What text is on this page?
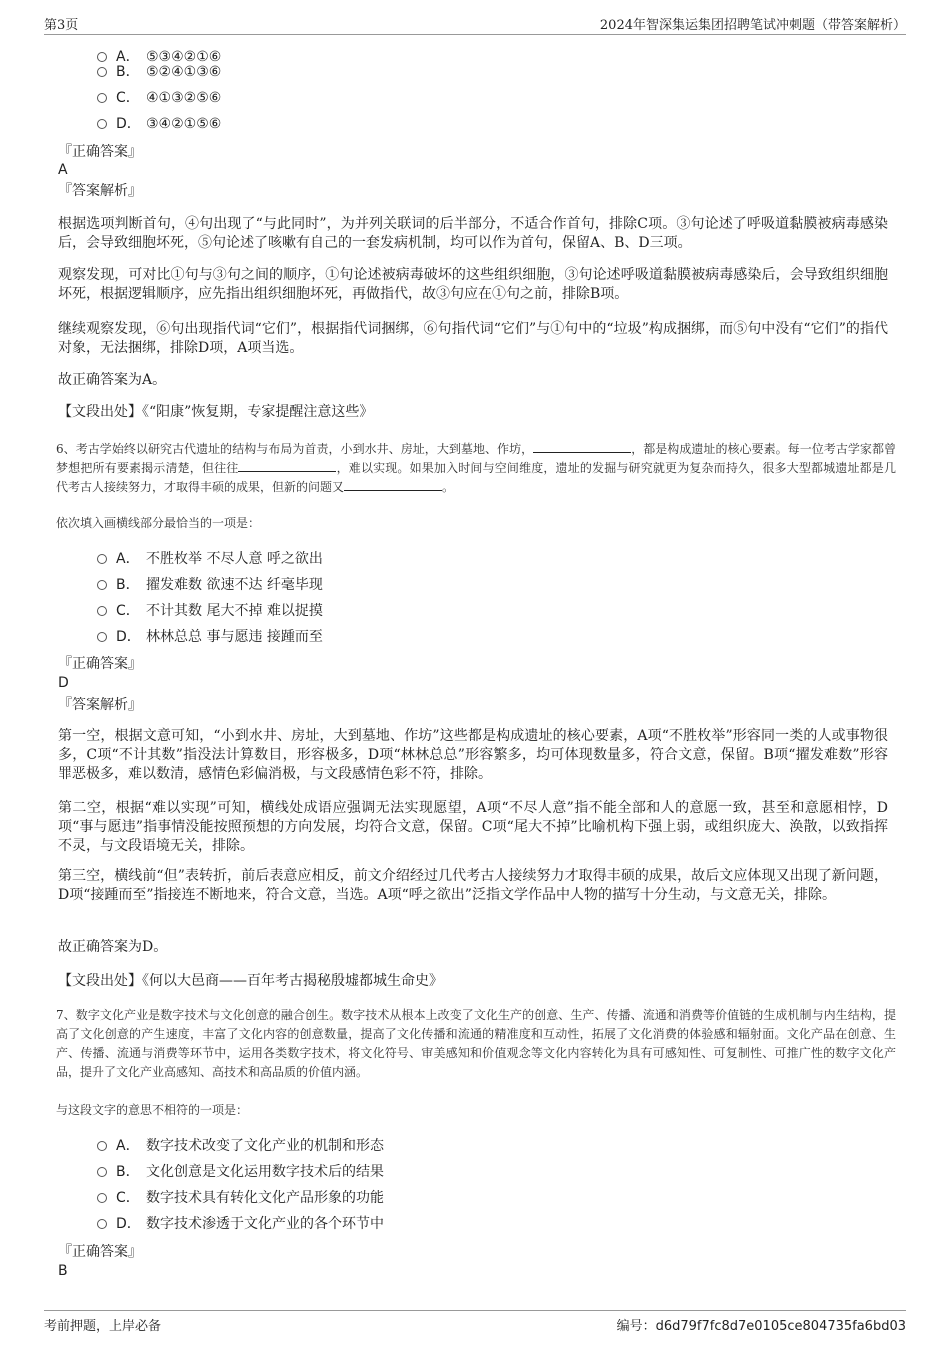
第3页	2024年智深集运集团招聘笔试冲刺题（带答案解析）
A． ⑤③④②①⑥
B． ⑤②④①③⑥
C． ④①③②⑤⑥
D． ③④②①⑤⑥
『正确答案』
A
『答案解析』
根据选项判断首句，④句出现了“与此同时”，为并列关联词的后半部分，不适合作首句，排除C项。③句论述了呼吸道黏膜被病毒感染后，会导致细胞坏死，⑤句论述了咳嗽有自己的一套发病机制，均可以作为首句，保留A、B、D三项。
观察发现，可对比①句与③句之间的顺序，①句论述被病毒破坏的这些组织细胞，③句论述呼吸道黏膜被病毒感染后，会导致组织细胞坏死，根据逻辑顺序，应先指出组织细胞坏死，再做指代，故③句应在①句之前，排除B项。
继续观察发现，⑥句出现指代词“它们”，根据指代词捆绑，⑥句指代词“它们”与①句中的“垃圾”构成捆绑，而⑤句中没有“它们”的指代对象，无法捆绑，排除D项，A项当选。
故正确答案为A。
【文段出处】《“阳康”恢复期，专家提醒注意这些》
6、考古学始终以研究古代遗址的结构与布局为首责，小到水井、房址，大到墓地、作坊，	，都是构成遗址的核心要素。每一位考古学家都曾梦想把所有要素揭示清楚，但往往	，难以实现。如果加入时间与空间维度，遗址的发掘与研究就更为复杂而持久，很多大型都城遗址都是几代考古人接续努力，才取得丰硕的成果，但新的问题又	。
依次填入画横线部分最恰当的一项是：
A． 不胜枚举 不尽人意 呼之欲出
B． 擢发难数 欲速不达 纤毫毕现
C． 不计其数 尾大不掉 难以捉摸
D． 林林总总 事与愿违 接踵而至
『正确答案』
D
『答案解析』
第一空，根据文意可知，“小到水井、房址，大到墓地、作坊”这些都是构成遗址的核心要素，A项“不胜枚举”形容同一类的人或事物很多，C项“不计其数”指没法计算数目，形容极多，D项“林林总总”形容繁多，均可体现数量多，符合文意，保留。B项“擢发难数”形容罪恶极多，难以数清，感情色彩偏消极，与文段感情色彩不符，排除。
第二空，根据“难以实现”可知，横线处成语应强调无法实现愿望，A项“不尽人意”指不能全部和人的意愿一致，甚至和意愿相悖，D项“事与愿违”指事情没能按照预想的方向发展，均符合文意，保留。C项“尾大不掉”比喻机构下强上弱，或组织庞大、涣散，以致指挥不灵，与文段语境无关，排除。
第三空，横线前“但”表转折，前后表意应相反，前文介绍经过几代考古人接续努力才取得丰硕的成果，故后文应体现又出现了新问题，D项“接踵而至”指接连不断地来，符合文意，当选。A项“呼之欲出”泛指文学作品中人物的描写十分生动，与文意无关，排除。
故正确答案为D。
【文段出处】《何以大邑商——百年考古揭秘殷墟都城生命史》
7、数字文化产业是数字技术与文化创意的融合创生。数字技术从根本上改变了文化生产的创意、生产、传播、流通和消费等价值链的生成机制与内生结构，提高了文化创意的产生速度，丰富了文化内容的创意数量，提高了文化传播和流通的精准度和互动性，拓展了文化消费的体验感和辐射面。文化产品在创意、生产、传播、流通与消费等环节中，运用各类数字技术，将文化符号、审美感知和价值观念等文化内容转化为具有可感知性、可复制性、可推广性的数字文化产品，提升了文化产业高感知、高技术和高品质的价值内涵。
与这段文字的意思不相符的一项是：
A． 数字技术改变了文化产业的机制和形态
B． 文化创意是文化运用数字技术后的结果
C． 数字技术具有转化文化产品形象的功能
D． 数字技术渗透于文化产业的各个环节中
『正确答案』
B
考前押题，上岸必备	编号：d6d79f7fc8d7e0105ce804735fa6bd03
